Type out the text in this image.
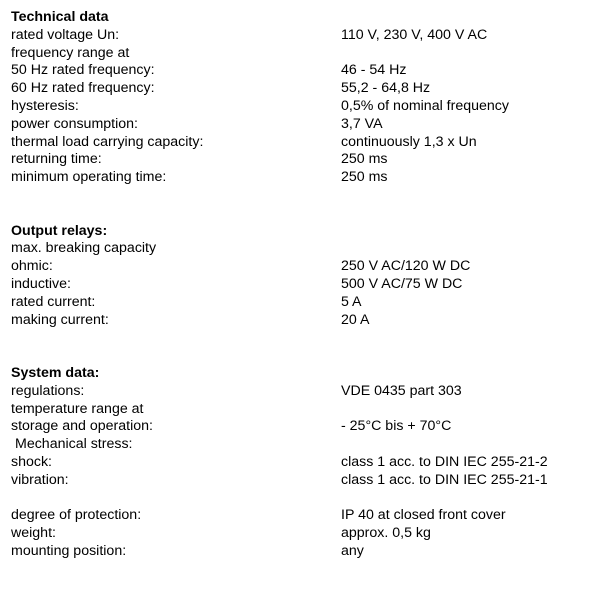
Technical data
rated voltage Un:	110 V, 230 V, 400 V AC
frequency range at
50 Hz rated frequency:	46 - 54 Hz
60 Hz rated frequency:	55,2 - 64,8 Hz
hysteresis:	0,5% of nominal frequency
power consumption:	3,7 VA
thermal load carrying capacity:	continuously 1,3 x Un
returning time:	250 ms
minimum operating time:	250 ms
Output relays:
max. breaking capacity
ohmic:	250 V AC/120 W DC
inductive:	500 V AC/75 W DC
rated current:	5 A
making current:	20 A
System data:
regulations:	VDE 0435 part 303
temperature range at
storage and operation:	- 25°C bis + 70°C
Mechanical stress:
shock:	class 1 acc. to DIN IEC 255-21-2
vibration:	class 1 acc. to DIN IEC 255-21-1
degree of protection:	IP 40 at closed front cover
weight:	approx. 0,5 kg
mounting position:	any
